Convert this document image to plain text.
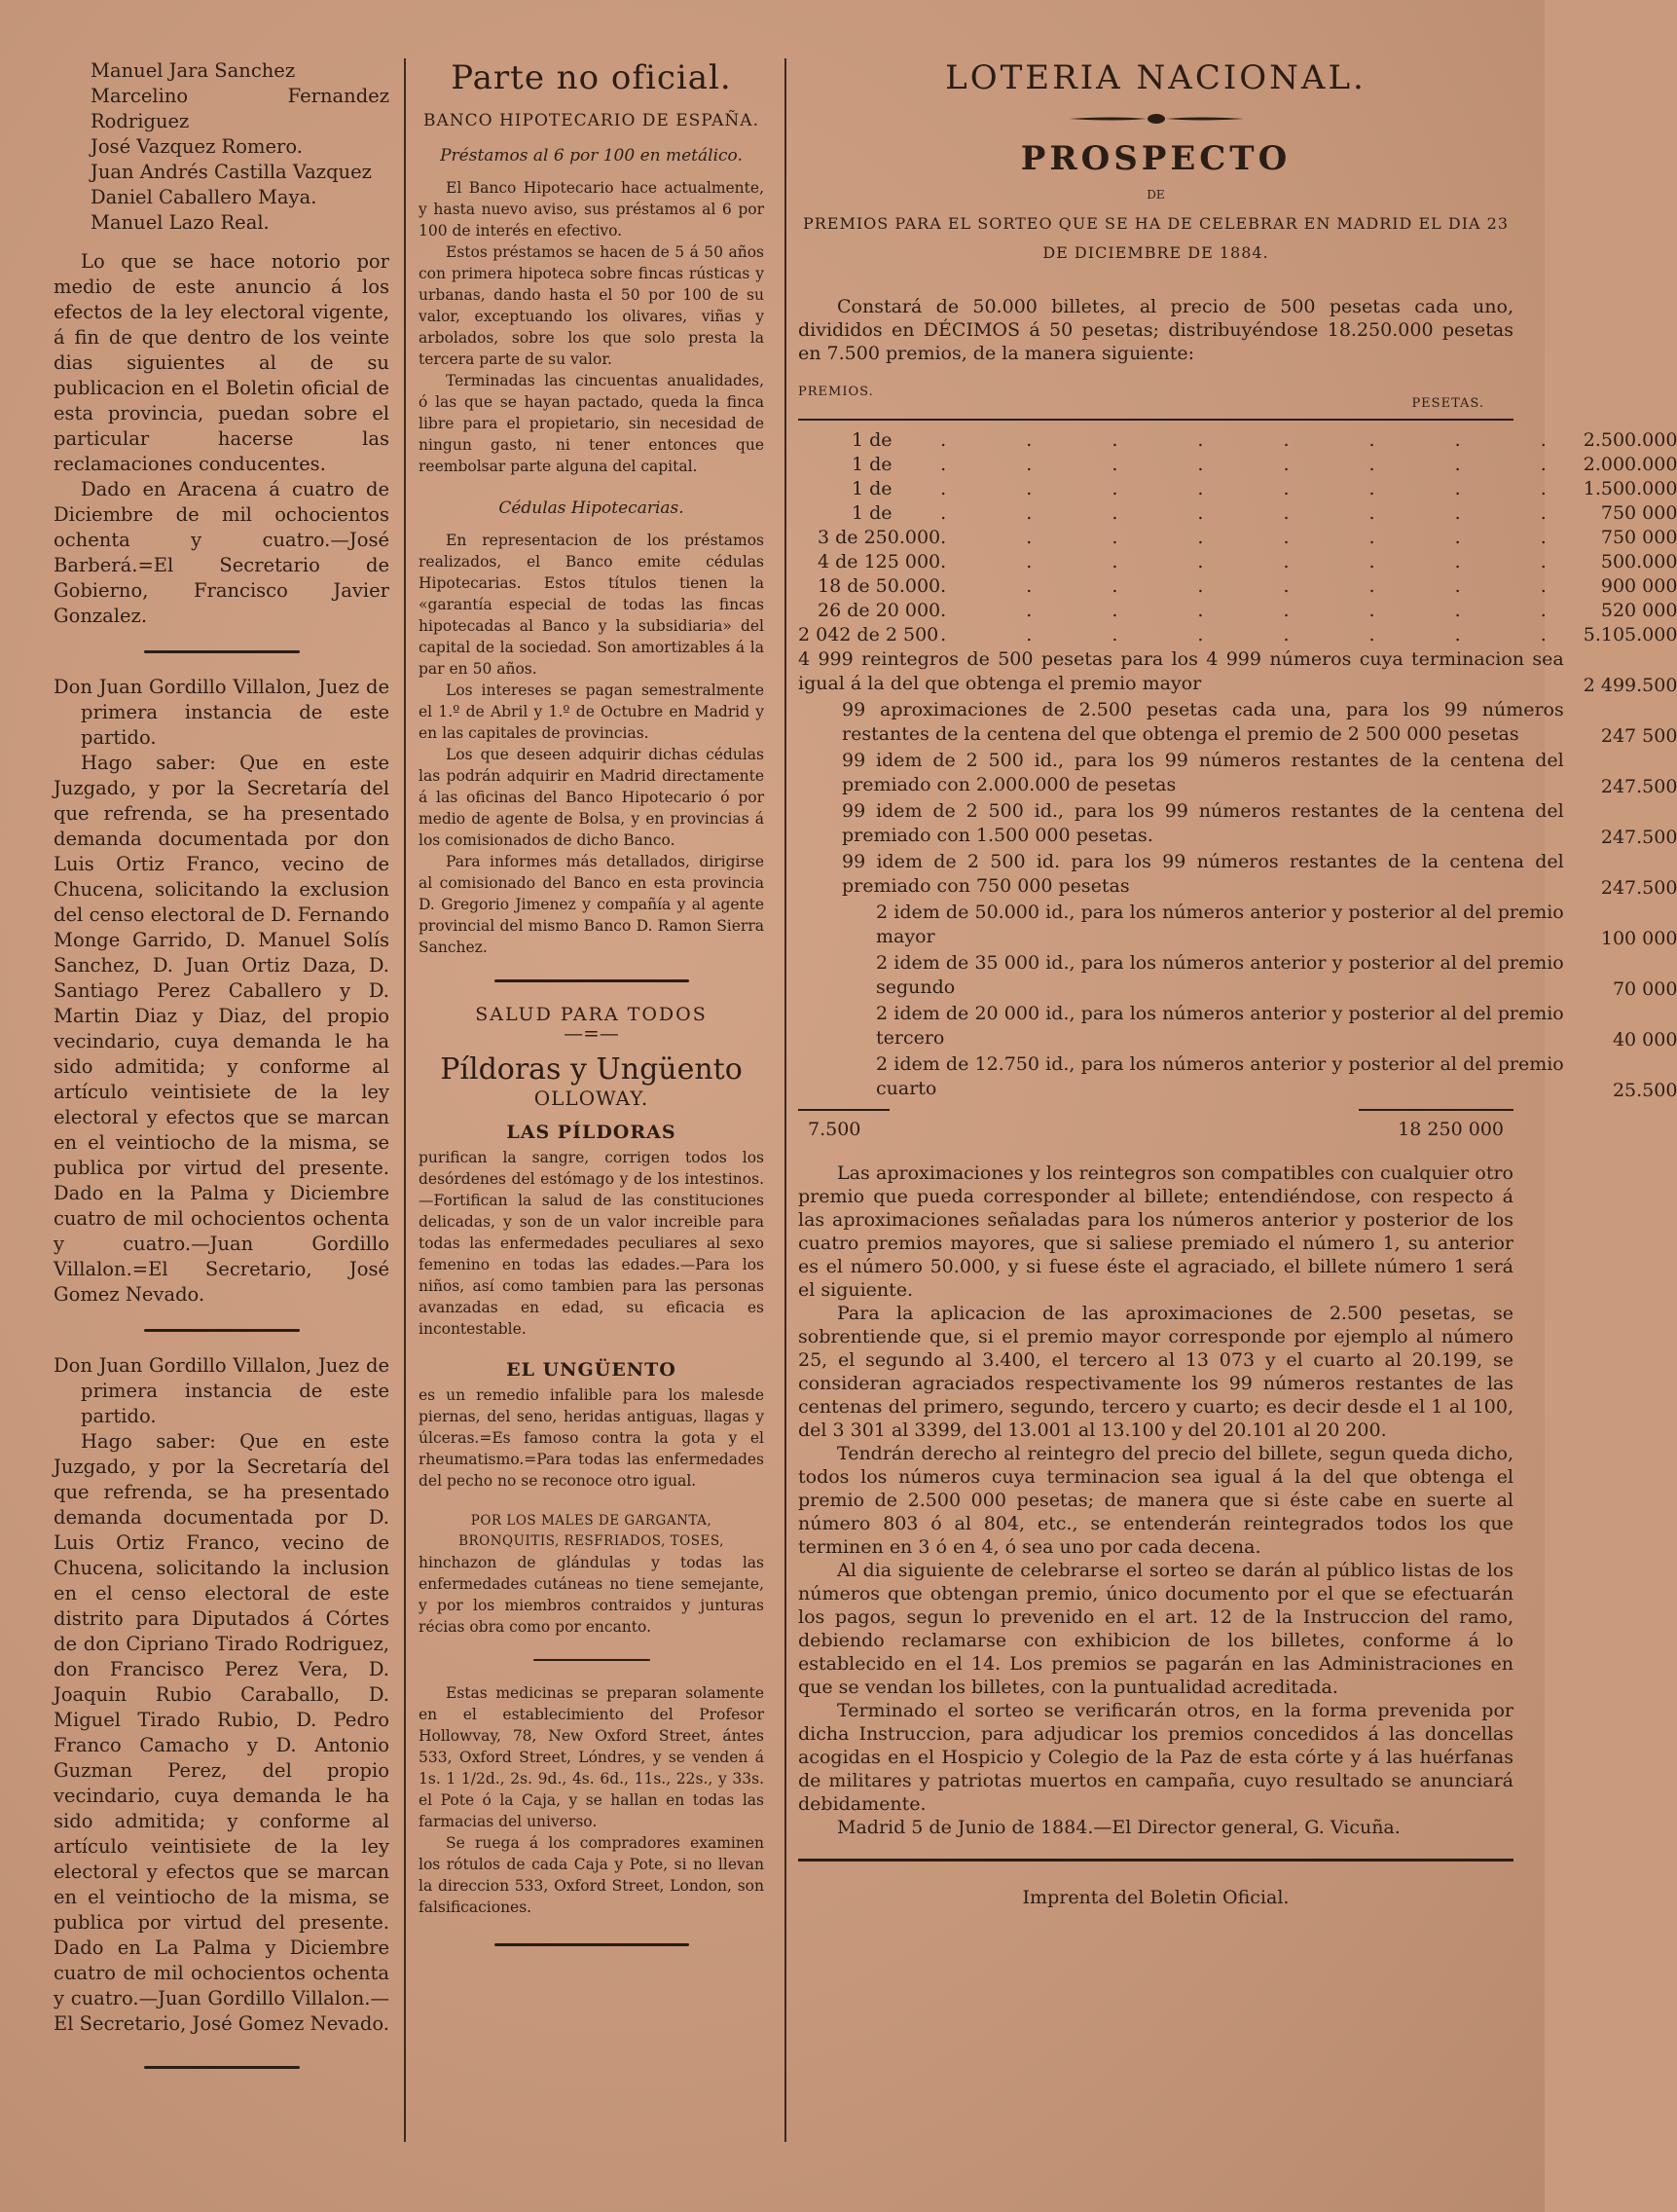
Manuel Jara Sanchez

Marcelino Fernandez Rodriguez

José Vazquez Romero.

Juan Andrés Castilla Vazquez

Daniel Caballero Maya.

Manuel Lazo Real.

Lo que se hace notorio por medio de este anuncio á los efectos de la ley electoral vigente, á fin de que dentro de los veinte dias siguientes al de su publicacion en el Boletin oficial de esta provincia, puedan sobre el particular hacerse las reclamaciones conducentes.

Dado en Aracena á cuatro de Diciembre de mil ochocientos ochenta y cuatro.—José Barberá.=El Secretario de Gobierno, Francisco Javier Gonzalez.

Don Juan Gordillo Villalon, Juez de primera instancia de este partido.

Hago saber: Que en este Juzgado, y por la Secretaría del que refrenda, se ha presentado demanda documentada por don Luis Ortiz Franco, vecino de Chucena, solicitando la exclusion del censo electoral de D. Fernando Monge Garrido, D. Manuel Solís Sanchez, D. Juan Ortiz Daza, D. Santiago Perez Caballero y D. Martin Diaz y Diaz, del propio vecindario, cuya demanda le ha sido admitida; y conforme al artículo veintisiete de la ley electoral y efectos que se marcan en el veintiocho de la misma, se publica por virtud del presente. Dado en la Palma y Diciembre cuatro de mil ochocientos ochenta y cuatro.—Juan Gordillo Villalon.=El Secretario, José Gomez Nevado.

Don Juan Gordillo Villalon, Juez de primera instancia de este partido.

Hago saber: Que en este Juzgado, y por la Secretaría del que refrenda, se ha presentado demanda documentada por D. Luis Ortiz Franco, vecino de Chucena, solicitando la inclusion en el censo electoral de este distrito para Diputados á Córtes de don Cipriano Tirado Rodriguez, don Francisco Perez Vera, D. Joaquin Rubio Caraballo, D. Miguel Tirado Rubio, D. Pedro Franco Camacho y D. Antonio Guzman Perez, del propio vecindario, cuya demanda le ha sido admitida; y conforme al artículo veintisiete de la ley electoral y efectos que se marcan en el veintiocho de la misma, se publica por virtud del presente. Dado en La Palma y Diciembre cuatro de mil ochocientos ochenta y cuatro.—Juan Gordillo Villalon.—El Secretario, José Gomez Nevado.

Parte no oficial.
BANCO HIPOTECARIO DE ESPAÑA.
Préstamos al 6 por 100 en metálico.

El Banco Hipotecario hace actualmente, y hasta nuevo aviso, sus préstamos al 6 por 100 de interés en efectivo.

Estos préstamos se hacen de 5 á 50 años con primera hipoteca sobre fincas rústicas y urbanas, dando hasta el 50 por 100 de su valor, exceptuando los olivares, viñas y arbolados, sobre los que solo presta la tercera parte de su valor.

Terminadas las cincuentas anualidades, ó las que se hayan pactado, queda la finca libre para el propietario, sin necesidad de ningun gasto, ni tener entonces que reembolsar parte alguna del capital.

Cédulas Hipotecarias.

En representacion de los préstamos realizados, el Banco emite cédulas Hipotecarias. Estos títulos tienen la «garantía especial de todas las fincas hipotecadas al Banco y la subsidiaria» del capital de la sociedad. Son amortizables á la par en 50 años.

Los intereses se pagan semestralmente el 1.º de Abril y 1.º de Octubre en Madrid y en las capitales de provincias.

Los que deseen adquirir dichas cédulas las podrán adquirir en Madrid directamente á las oficinas del Banco Hipotecario ó por medio de agente de Bolsa, y en provincias á los comisionados de dicho Banco.

Para informes más detallados, dirigirse al comisionado del Banco en esta provincia D. Gregorio Jimenez y compañía y al agente provincial del mismo Banco D. Ramon Sierra Sanchez.

SALUD PARA TODOS
—=—
Píldoras y Ungüento
OLLOWAY.
LAS PÍLDORAS

purifican la sangre, corrigen todos los desórdenes del estómago y de los intestinos.—Fortifican la salud de las constituciones delicadas, y son de un valor increible para todas las enfermedades peculiares al sexo femenino en todas las edades.—Para los niños, así como tambien para las personas avanzadas en edad, su eficacia es incontestable.

EL UNGÜENTO

es un remedio infalible para los malesde piernas, del seno, heridas antiguas, llagas y úlceras.=Es famoso contra la gota y el rheumatismo.=Para todas las enfermedades del pecho no se reconoce otro igual.

POR LOS MALES DE GARGANTA, BRONQUITIS, RESFRIADOS, TOSES,

hinchazon de glándulas y todas las enfermedades cutáneas no tiene semejante, y por los miembros contraidos y junturas récias obra como por encanto.

Estas medicinas se preparan solamente en el establecimiento del Profesor Hollowvay, 78, New Oxford Street, ántes 533, Oxford Street, Lóndres, y se venden á 1s. 1 1/2d., 2s. 9d., 4s. 6d., 11s., 22s., y 33s. el Pote ó la Caja, y se hallan en todas las farmacias del universo.

Se ruega á los compradores examinen los rótulos de cada Caja y Pote, si no llevan la direccion 533, Oxford Street, London, son falsificaciones.

LOTERIA NACIONAL.
PROSPECTO
DE
PREMIOS PARA EL SORTEO QUE SE HA DE CELEBRAR EN MADRID EL DIA 23 DE DICIEMBRE DE 1884.

Constará de 50.000 billetes, al precio de 500 pesetas cada uno, divididos en DÉCIMOS á 50 pesetas; distribuyéndose 18.250.000 pesetas en 7.500 premios, de la manera siguiente:

PREMIOS.
PESETAS.
1 de	. . . . . . . .	2.500.000
1 de	. . . . . . . .	2.000.000
1 de	. . . . . . . .	1.500.000
1 de	. . . . . . . .	750 000
3 de 250.000	. . . . . . . .	750 000
4 de 125 000	. . . . . . . .	500.000
18 de 50.000	. . . . . . . .	900 000
26 de 20 000	. . . . . . . .	520 000
2 042 de 2 500	. . . . . . . .	5.105.000
4 999 reintegros de 500 pesetas para los 4 999 números cuya terminacion sea igual á la del que obtenga el premio mayor		2 499.500
99 aproximaciones de 2.500 pesetas cada una, para los 99 números restantes de la centena del que obtenga el premio de 2 500 000 pesetas		247 500
99 idem de 2 500 id., para los 99 números restantes de la centena del premiado con 2.000.000 de pesetas		247.500
99 idem de 2 500 id., para los 99 números restantes de la centena del premiado con 1.500 000 pesetas.		247.500
99 idem de 2 500 id. para los 99 números restantes de la centena del premiado con 750 000 pesetas		247.500
2 idem de 50.000 id., para los números anterior y posterior al del premio mayor		100 000
2 idem de 35 000 id., para los números anterior y posterior al del premio segundo		70 000
2 idem de 20 000 id., para los números anterior y posterior al del premio tercero		40 000
2 idem de 12.750 id., para los números anterior y posterior al del premio cuarto		25.500
7.500	18 250 000

Las aproximaciones y los reintegros son compatibles con cualquier otro premio que pueda corresponder al billete; entendiéndose, con respecto á las aproximaciones señaladas para los números anterior y posterior de los cuatro premios mayores, que si saliese premiado el número 1, su anterior es el número 50.000, y si fuese éste el agraciado, el billete número 1 será el siguiente.

Para la aplicacion de las aproximaciones de 2.500 pesetas, se sobrentiende que, si el premio mayor corresponde por ejemplo al número 25, el segundo al 3.400, el tercero al 13 073 y el cuarto al 20.199, se consideran agraciados respectivamente los 99 números restantes de las centenas del primero, segundo, tercero y cuarto; es decir desde el 1 al 100, del 3 301 al 3399, del 13.001 al 13.100 y del 20.101 al 20 200.

Tendrán derecho al reintegro del precio del billete, segun queda dicho, todos los números cuya terminacion sea igual á la del que obtenga el premio de 2.500 000 pesetas; de manera que si éste cabe en suerte al número 803 ó al 804, etc., se entenderán reintegrados todos los que terminen en 3 ó en 4, ó sea uno por cada decena.

Al dia siguiente de celebrarse el sorteo se darán al público listas de los números que obtengan premio, único documento por el que se efectuarán los pagos, segun lo prevenido en el art. 12 de la Instruccion del ramo, debiendo reclamarse con exhibicion de los billetes, conforme á lo establecido en el 14. Los premios se pagarán en las Administraciones en que se vendan los billetes, con la puntualidad acreditada.

Terminado el sorteo se verificarán otros, en la forma prevenida por dicha Instruccion, para adjudicar los premios concedidos á las doncellas acogidas en el Hospicio y Colegio de la Paz de esta córte y á las huérfanas de militares y patriotas muertos en campaña, cuyo resultado se anunciará debidamente.

Madrid 5 de Junio de 1884.—El Director general, G. Vicuña.

Imprenta del Boletin Oficial.
